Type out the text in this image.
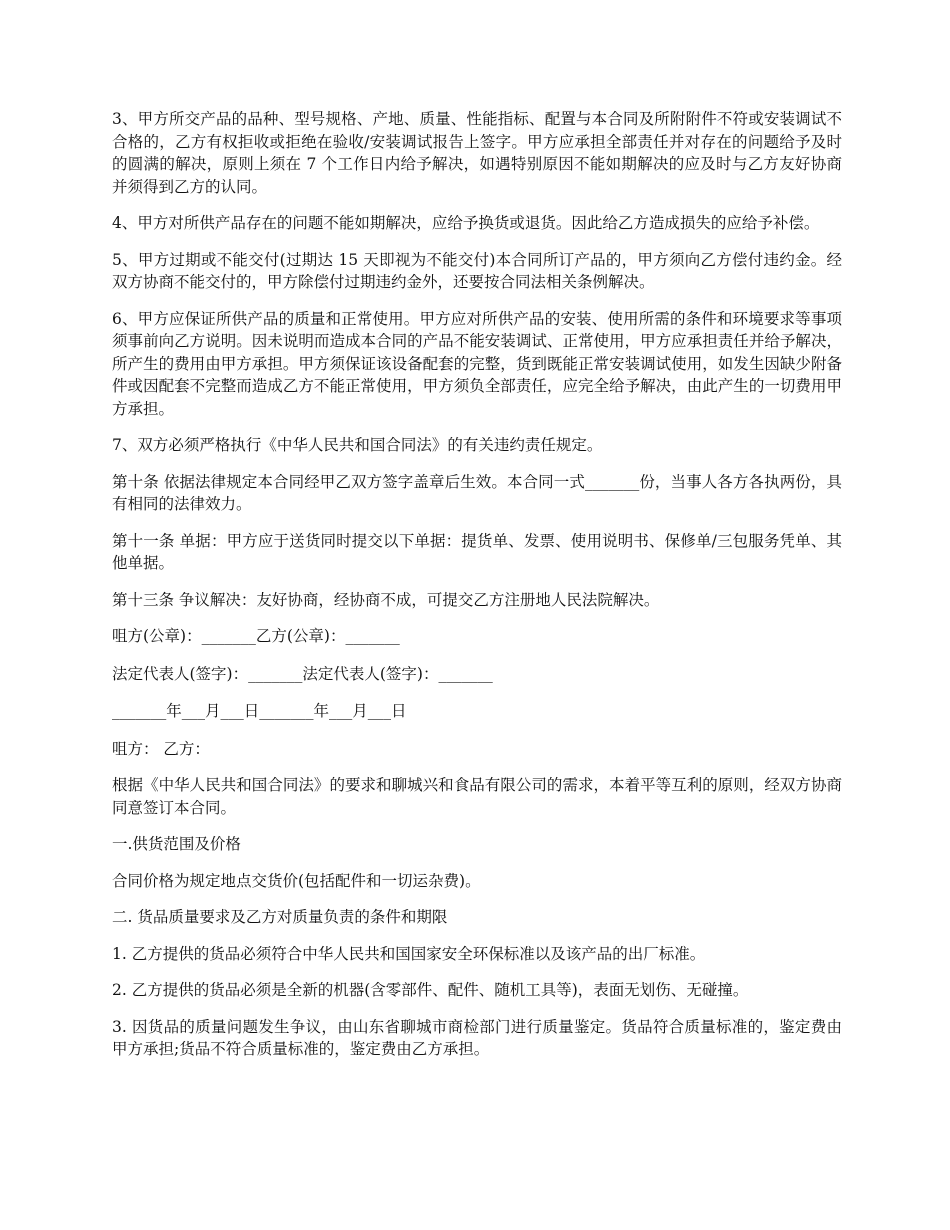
3、甲方所交产品的品种、型号规格、产地、质量、性能指标、配置与本合同及所附附件不符或安装调试不合格的，乙方有权拒收或拒绝在验收/安装调试报告上签字。甲方应承担全部责任并对存在的问题给予及时的圆满的解决，原则上须在 7 个工作日内给予解决，如遇特别原因不能如期解决的应及时与乙方友好协商并须得到乙方的认同。

4、甲方对所供产品存在的问题不能如期解决，应给予换货或退货。因此给乙方造成损失的应给予补偿。

5、甲方过期或不能交付(过期达 15 天即视为不能交付)本合同所订产品的，甲方须向乙方偿付违约金。经双方协商不能交付的，甲方除偿付过期违约金外，还要按合同法相关条例解决。

6、甲方应保证所供产品的质量和正常使用。甲方应对所供产品的安装、使用所需的条件和环境要求等事项须事前向乙方说明。因未说明而造成本合同的产品不能安装调试、正常使用，甲方应承担责任并给予解决，所产生的费用由甲方承担。甲方须保证该设备配套的完整，货到既能正常安装调试使用，如发生因缺少附备件或因配套不完整而造成乙方不能正常使用，甲方须负全部责任，应完全给予解决，由此产生的一切费用甲方承担。

7、双方必须严格执行《中华人民共和国合同法》的有关违约责任规定。

第十条 依据法律规定本合同经甲乙双方签字盖章后生效。本合同一式_______份，当事人各方各执两份，具有相同的法律效力。

第十一条 单据：甲方应于送货同时提交以下单据：提货单、发票、使用说明书、保修单/三包服务凭单、其他单据。

第十三条 争议解决：友好协商，经协商不成，可提交乙方注册地人民法院解决。

咀方(公章)：_______乙方(公章)：_______

法定代表人(签字)：_______法定代表人(签字)：_______

_______年___月___日_______年___月___日

咀方： 乙方：

根据《中华人民共和国合同法》的要求和聊城兴和食品有限公司的需求，本着平等互利的原则，经双方协商同意签订本合同。

一.供货范围及价格

合同价格为规定地点交货价(包括配件和一切运杂费)。

二. 货品质量要求及乙方对质量负责的条件和期限

1. 乙方提供的货品必须符合中华人民共和国国家安全环保标准以及该产品的出厂标准。

2. 乙方提供的货品必须是全新的机器(含零部件、配件、随机工具等)，表面无划伤、无碰撞。

3. 因货品的质量问题发生争议，由山东省聊城市商检部门进行质量鉴定。货品符合质量标准的，鉴定费由甲方承担;货品不符合质量标准的，鉴定费由乙方承担。
